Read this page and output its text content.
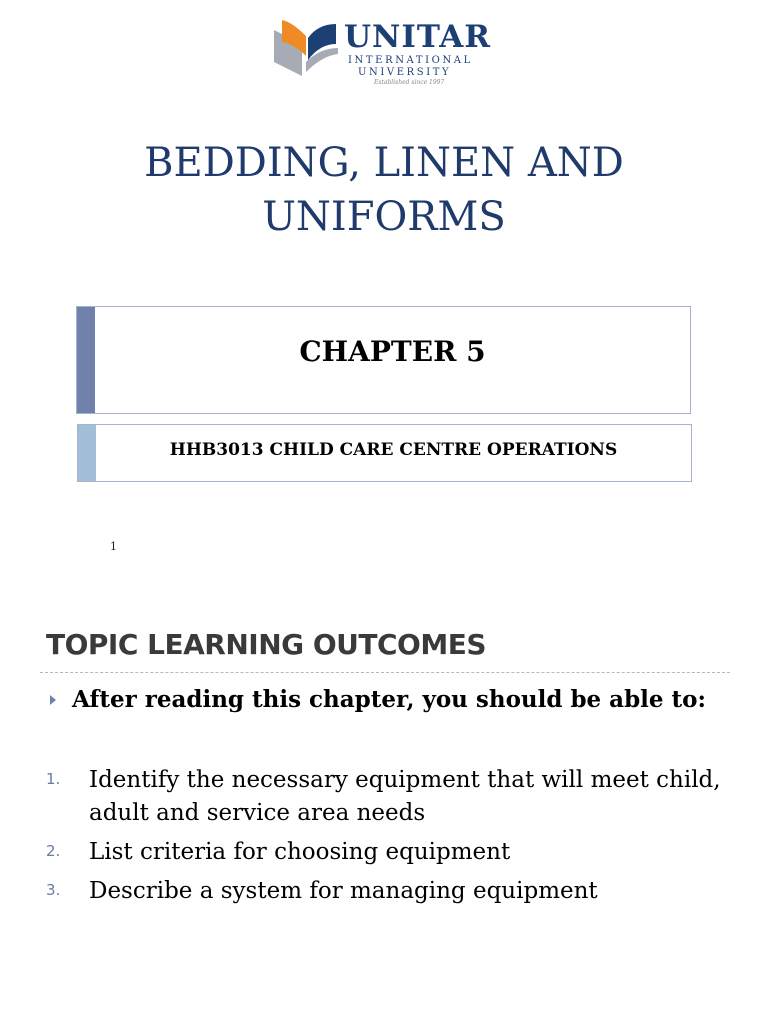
UNITAR
INTERNATIONAL
UNIVERSITY
Established since 1997
BEDDING, LINEN AND
UNIFORMS
CHAPTER 5
HHB3013 CHILD CARE CENTRE OPERATIONS
1
TOPIC LEARNING OUTCOMES
After reading this chapter, you should be able to:
1.	Identify the necessary equipment that will meet child, adult and service area needs
2.	List criteria for choosing equipment
3.	Describe a system for managing equipment
